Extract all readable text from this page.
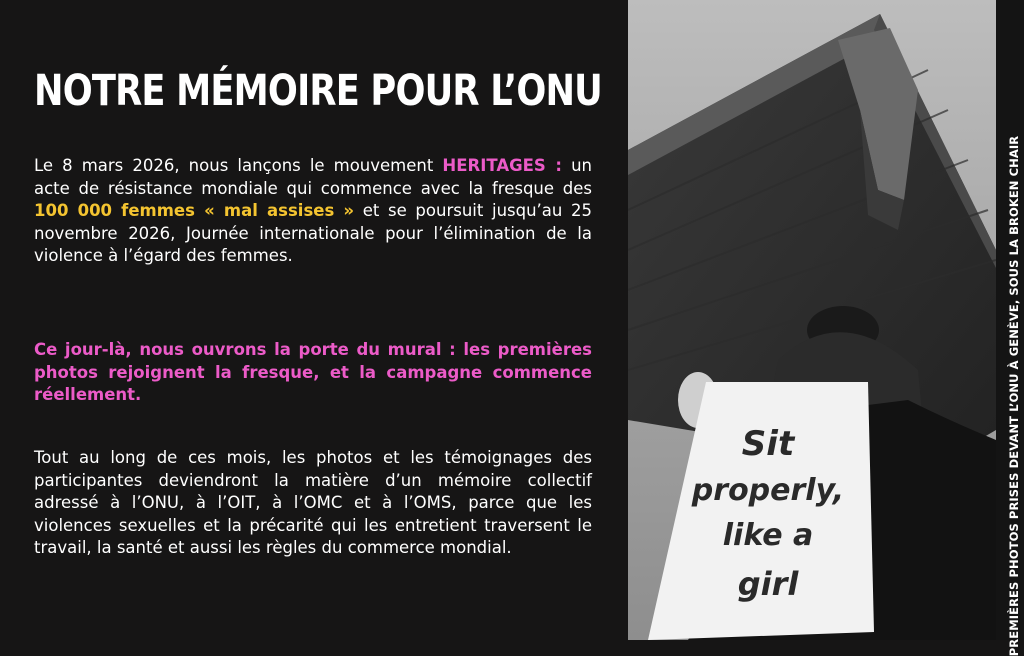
NOTRE MÉMOIRE POUR L’ONU

Le 8 mars 2026, nous lançons le mouvement HERITAGES : un acte de résistance mondiale qui commence avec la fresque des 100 000 femmes « mal assises » et se poursuit jusqu’au 25 novembre 2026, Journée internationale pour l’élimination de la violence à l’égard des femmes.

Ce jour-là, nous ouvrons la porte du mural : les premières photos rejoignent la fresque, et la campagne commence réellement.

Tout au long de ces mois, les photos et les témoignages des participantes deviendront la matière d’un mémoire collectif adressé à l’ONU, à l’OIT, à l’OMC et à l’OMS, parce que les violences sexuelles et la précarité qui les entretient traversent le travail, la santé et aussi les règles du commerce mondial.

Sit
properly,
like a
girl	PREMIÈRES PHOTOS PRISES DEVANT L’ONU À GENÈVE, SOUS LA BROKEN CHAIR
